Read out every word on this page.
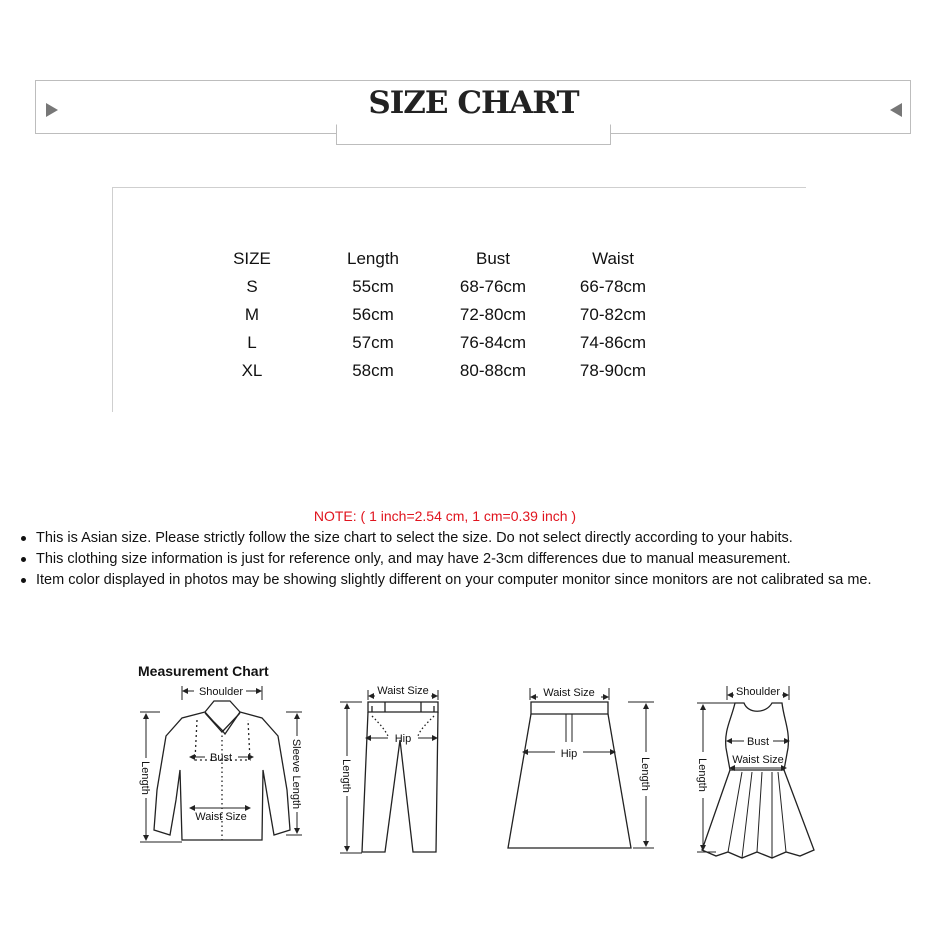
SIZE CHART
SIZE	Length	Bust	Waist
S	55cm	68-76cm	66-78cm
M	56cm	72-80cm	70-82cm
L	57cm	76-84cm	74-86cm
XL	58cm	80-88cm	78-90cm
NOTE: ( 1 inch=2.54 cm, 1 cm=0.39 inch )
This is Asian size. Please strictly follow the size chart to select the size. Do not select directly according to your habits.
This clothing size information is just for reference only, and may have 2-3cm differences due to manual measurement.
Item color displayed in photos may be showing slightly different on your computer monitor since monitors are not calibrated sa me.
Measurement Chart
Shoulder
Bust
Waist Size
Length	Sleeve Length
Waist Size
Hip
Length
Waist Size
Hip
Length
Shoulder
Bust
Waist Size
Length
